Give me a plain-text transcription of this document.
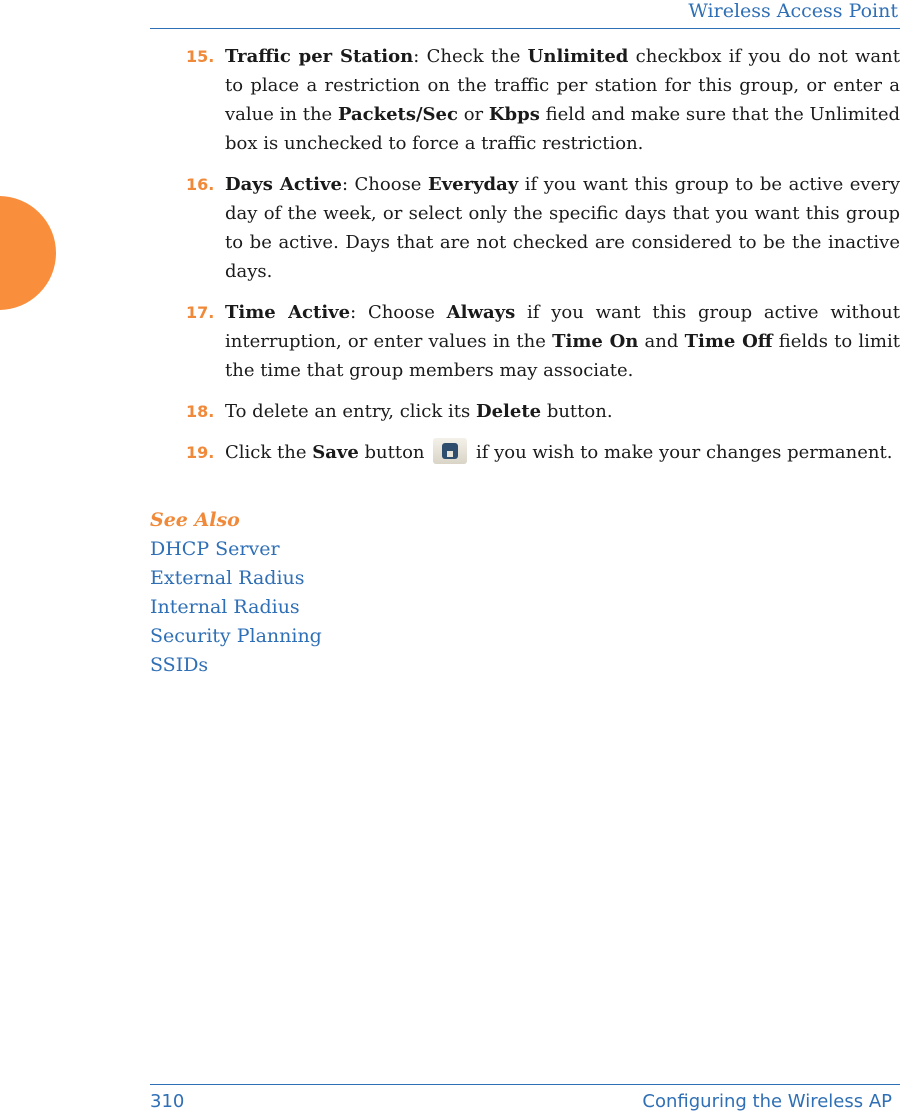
Wireless Access Point
15. Traffic per Station: Check the Unlimited checkbox if you do not want to place a restriction on the traffic per station for this group, or enter a value in the Packets/Sec or Kbps field and make sure that the Unlimited box is unchecked to force a traffic restriction.
16. Days Active: Choose Everyday if you want this group to be active every day of the week, or select only the specific days that you want this group to be active. Days that are not checked are considered to be the inactive days.
17. Time Active: Choose Always if you want this group active without interruption, or enter values in the Time On and Time Off fields to limit the time that group members may associate.
18. To delete an entry, click its Delete button.
19. Click the Save button
if you wish to make your changes permanent.
See Also
DHCP Server
External Radius
Internal Radius
Security Planning
SSIDs
310	Configuring the Wireless AP
